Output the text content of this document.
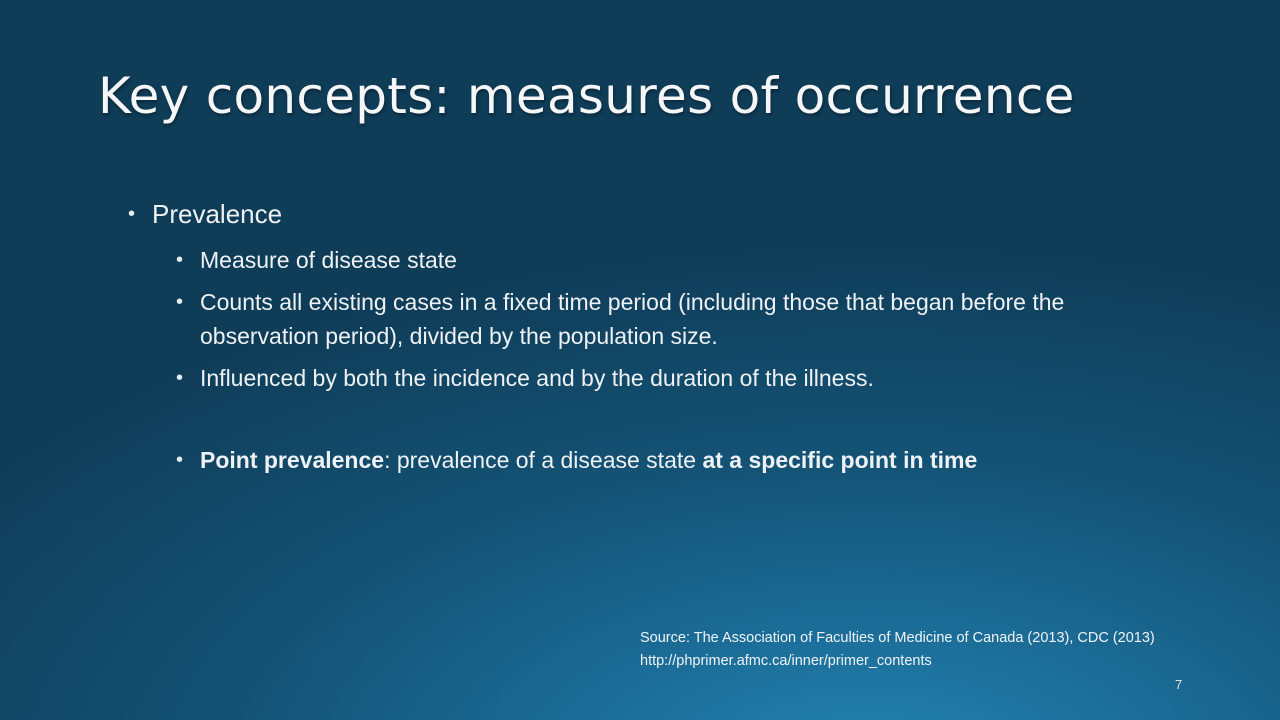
Key concepts: measures of occurrence
• Prevalence
• Measure of disease state
• Counts all existing cases in a fixed time period (including those that began before the observation period), divided by the population size.
• Influenced by both the incidence and by the duration of the illness.
• Point prevalence: prevalence of a disease state at a specific point in time
Source: The Association of Faculties of Medicine of Canada (2013), CDC (2013)
http://phprimer.afmc.ca/inner/primer_contents
7
